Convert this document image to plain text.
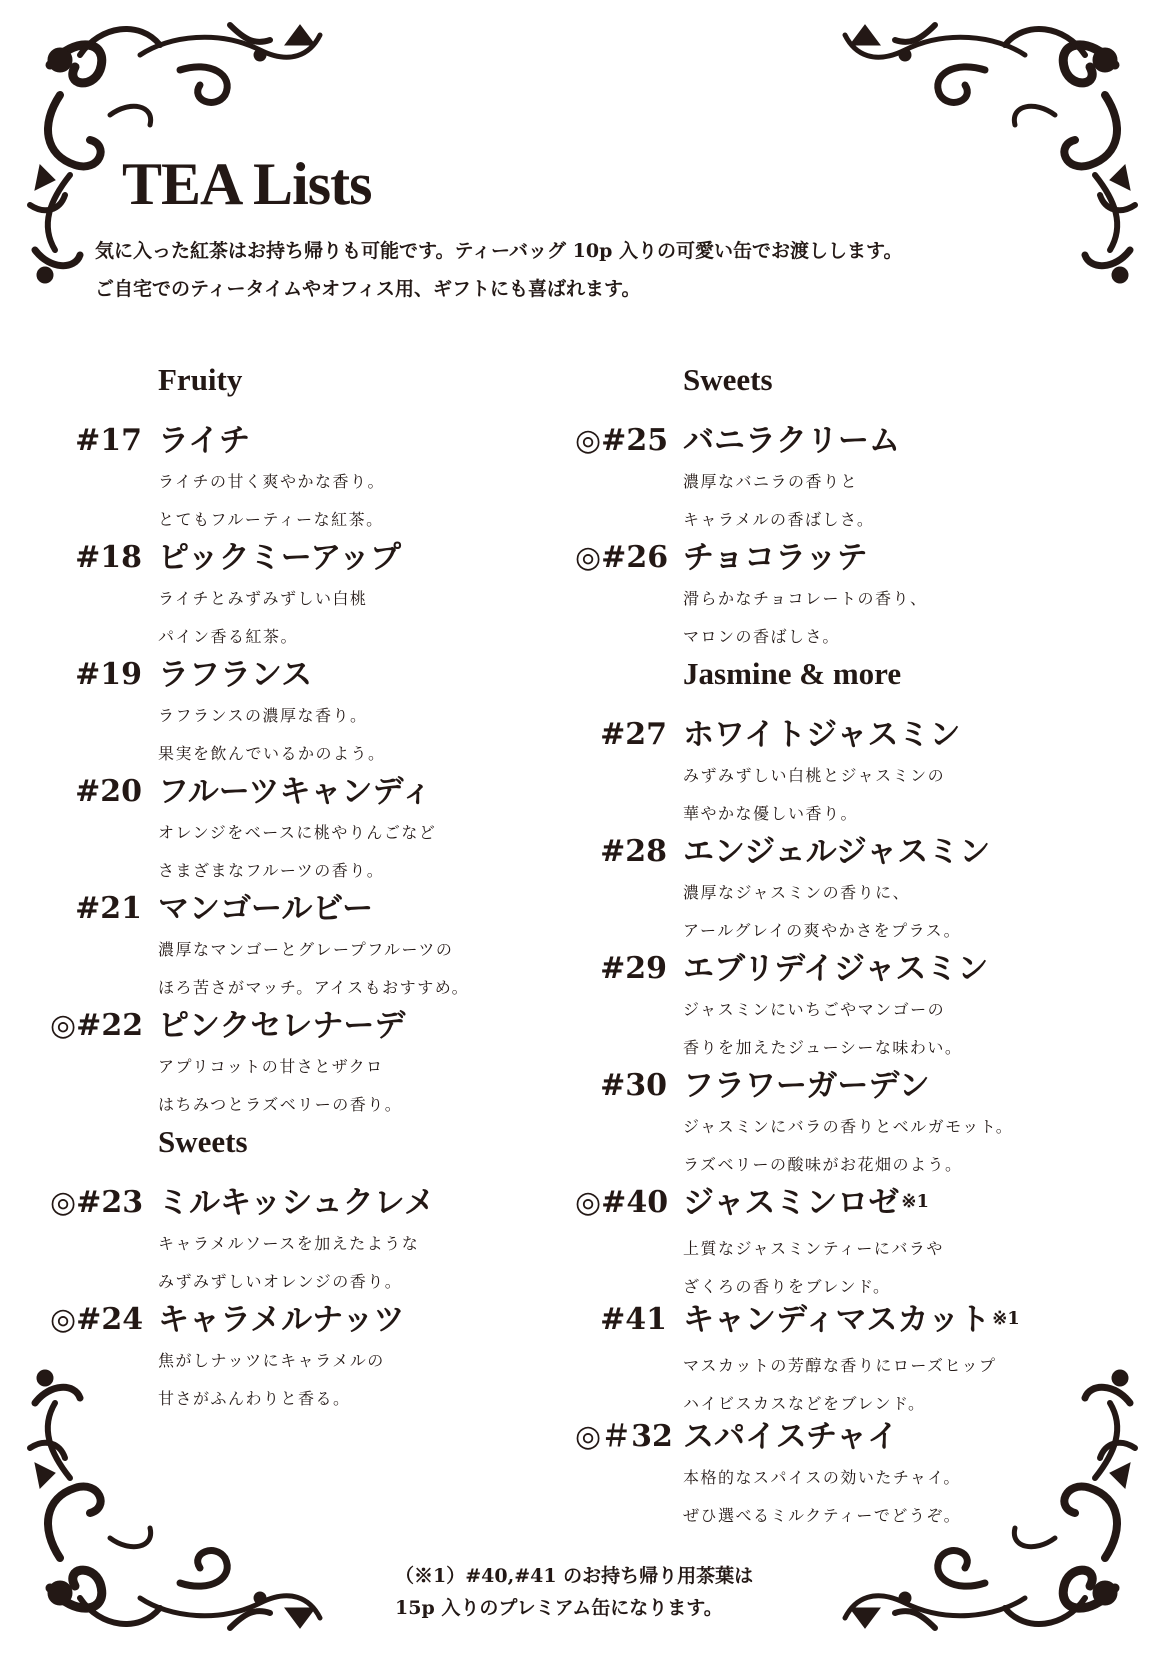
TEA Lists

気に入った紅茶はお持ち帰りも可能です。ティーバッグ 10p 入りの可愛い缶でお渡しします。

ご自宅でのティータイムやオフィス用、ギフトにも喜ばれます。

Fruity
#17 ライチ
ライチの甘く爽やかな香り。
とてもフルーティーな紅茶。
#18 ピックミーアップ
ライチとみずみずしい白桃
パイン香る紅茶。
#19 ラフランス
ラフランスの濃厚な香り。
果実を飲んでいるかのよう。
#20 フルーツキャンディ
オレンジをベースに桃やりんごなど
さまざまなフルーツの香り。
#21 マンゴールビー
濃厚なマンゴーとグレープフルーツの
ほろ苦さがマッチ。アイスもおすすめ。
◎#22 ピンクセレナーデ
アプリコットの甘さとザクロ
はちみつとラズベリーの香り。
Sweets
◎#23 ミルキッシュクレメ
キャラメルソースを加えたような
みずみずしいオレンジの香り。
◎#24 キャラメルナッツ
焦がしナッツにキャラメルの
甘さがふんわりと香る。
Sweets
◎#25 バニラクリーム
濃厚なバニラの香りと
キャラメルの香ばしさ。
◎#26 チョコラッテ
滑らかなチョコレートの香り、
マロンの香ばしさ。
Jasmine & more
#27 ホワイトジャスミン
みずみずしい白桃とジャスミンの
華やかな優しい香り。
#28 エンジェルジャスミン
濃厚なジャスミンの香りに、
アールグレイの爽やかさをプラス。
#29 エブリデイジャスミン
ジャスミンにいちごやマンゴーの
香りを加えたジューシーな味わい。
#30 フラワーガーデン
ジャスミンにバラの香りとベルガモット。
ラズベリーの酸味がお花畑のよう。
◎#40 ジャスミンロゼ $^{※1}$
上質なジャスミンティーにバラや
ざくろの香りをブレンド。
#41 キャンディマスカット $^{※1}$
マスカットの芳醇な香りにローズヒップ
ハイビスカスなどをブレンド。
◎＃32 スパイスチャイ
本格的なスパイスの効いたチャイ。
ぜひ選べるミルクティーでどうぞ。

（※1）#40,#41 のお持ち帰り用茶葉は

15p 入りのプレミアム缶になります。
